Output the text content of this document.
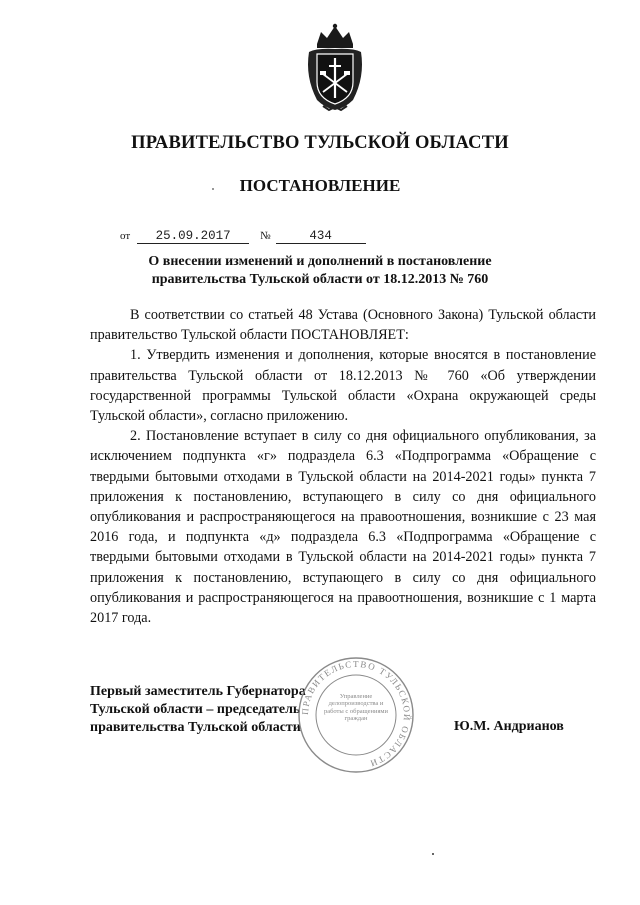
ПРАВИТЕЛЬСТВО ТУЛЬСКОЙ ОБЛАСТИ
ПОСТАНОВЛЕНИЕ
от 25.09.2017	№	434
О внесении изменений и дополнений в постановление
правительства Тульской области от 18.12.2013 № 760

В соответствии со статьей 48 Устава (Основного Закона) Тульской области правительство Тульской области ПОСТАНОВЛЯЕТ:

1. Утвердить изменения и дополнения, которые вносятся в постановление правительства Тульской области от 18.12.2013 № 760 «Об утверждении государственной программы Тульской области «Охрана окружающей среды Тульской области», согласно приложению.

2. Постановление вступает в силу со дня официального опубликования, за исключением подпункта «г» подраздела 6.3 «Подпрограмма «Обращение с твердыми бытовыми отходами в Тульской области на 2014-2021 годы» пункта 7 приложения к постановлению, вступающего в силу со дня официального опубликования и распространяющегося на правоотношения, возникшие с 23 мая 2016 года, и подпункта «д» подраздела 6.3 «Подпрограмма «Обращение с твердыми бытовыми отходами в Тульской области на 2014-2021 годы» пункта 7 приложения к постановлению, вступающего в силу со дня официального опубликования и распространяющегося на правоотношения, возникшие с 1 марта 2017 года.

Первый заместитель Губернатора
Тульской области – председатель
правительства Тульской области
ПРАВИТЕЛЬСТВО ТУЛЬСКОЙ ОБЛАСТИ
Управление делопроизводства и работы с обращениями граждан
Ю.М. Андрианов
